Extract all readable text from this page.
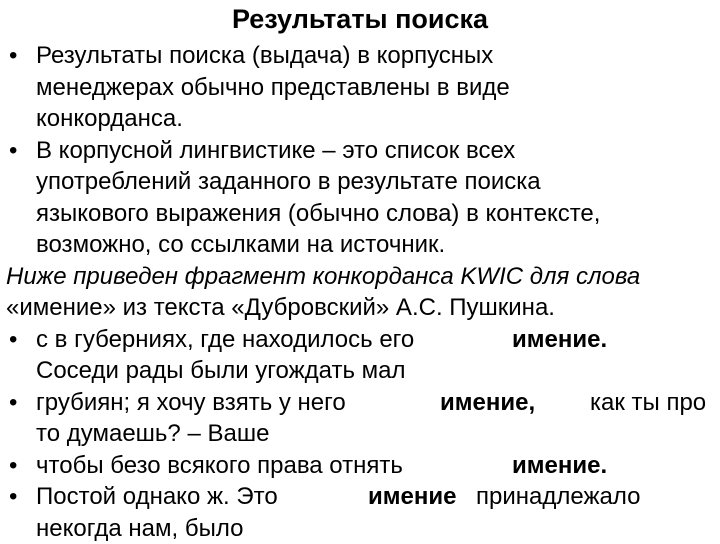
Результаты поиска
• Результаты поиска (выдача) в корпусных
менеджерах обычно представлены в виде
конкорданса.
• В корпусной лингвистике – это список всех
употреблений заданного в результате поиска
языкового выражения (обычно слова) в контексте,
возможно, со ссылками на источник.
Ниже приведен фрагмент конкорданса KWIC для слова
«имение» из текста «Дубровский» А.С. Пушкина.
• с в губерниях, где находилось его	имение.
Соседи рады были угождать мал
• грубиян; я хочу взять у него	имение, как ты про
то думаешь? – Ваше
• чтобы безо всякого права отнять	имение.
• Постой однако ж. Это	имение принадлежало
некогда нам, было
